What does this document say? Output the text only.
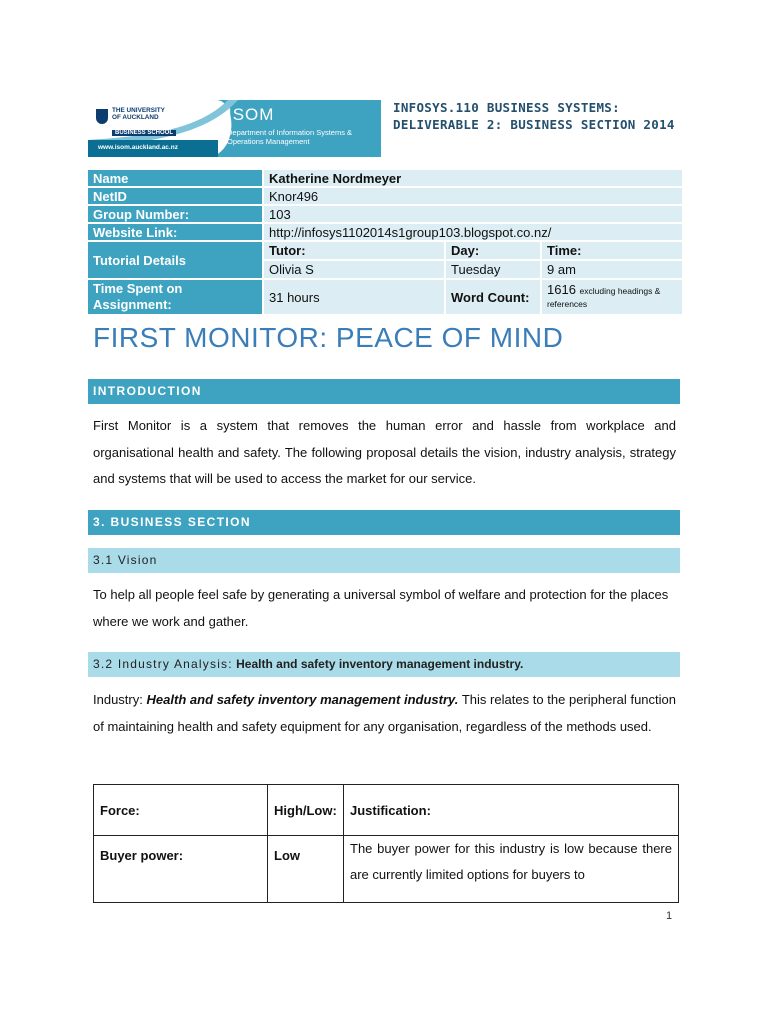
THE UNIVERSITY
OF AUCKLAND
BUSINESS SCHOOL
www.isom.auckland.ac.nz
ISOM
Department of Information Systems & Operations Management
INFOSYS.110 BUSINESS SYSTEMS: DELIVERABLE 2: BUSINESS SECTION 2014
Name		Katherine Nordmeyer				
NetID		Knor496				
Group Number:		103				
Website Link:		http://infosys1102014s1group103.blogspot.co.nz/				
Tutorial Details		Tutor:		Day:		Time:
		Olivia S		Tuesday		9 am
Time Spent on Assignment:		31 hours		Word Count:		1616 excluding headings & references
FIRST MONITOR: PEACE OF MIND
INTRODUCTION
First Monitor is a system that removes the human error and hassle from workplace and organisational health and safety. The following proposal details the vision, industry analysis, strategy and systems that will be used to access the market for our service.
3. BUSINESS SECTION
3.1 Vision
To help all people feel safe by generating a universal symbol of welfare and protection for the places where we work and gather.
3.2 Industry Analysis: Health and safety inventory management industry.
Industry: Health and safety inventory management industry. This relates to the peripheral function of maintaining health and safety equipment for any organisation, regardless of the methods used.
Force:	High/Low:	Justification:
Buyer power:	Low	The buyer power for this industry is low because there are currently limited options for buyers to
1
